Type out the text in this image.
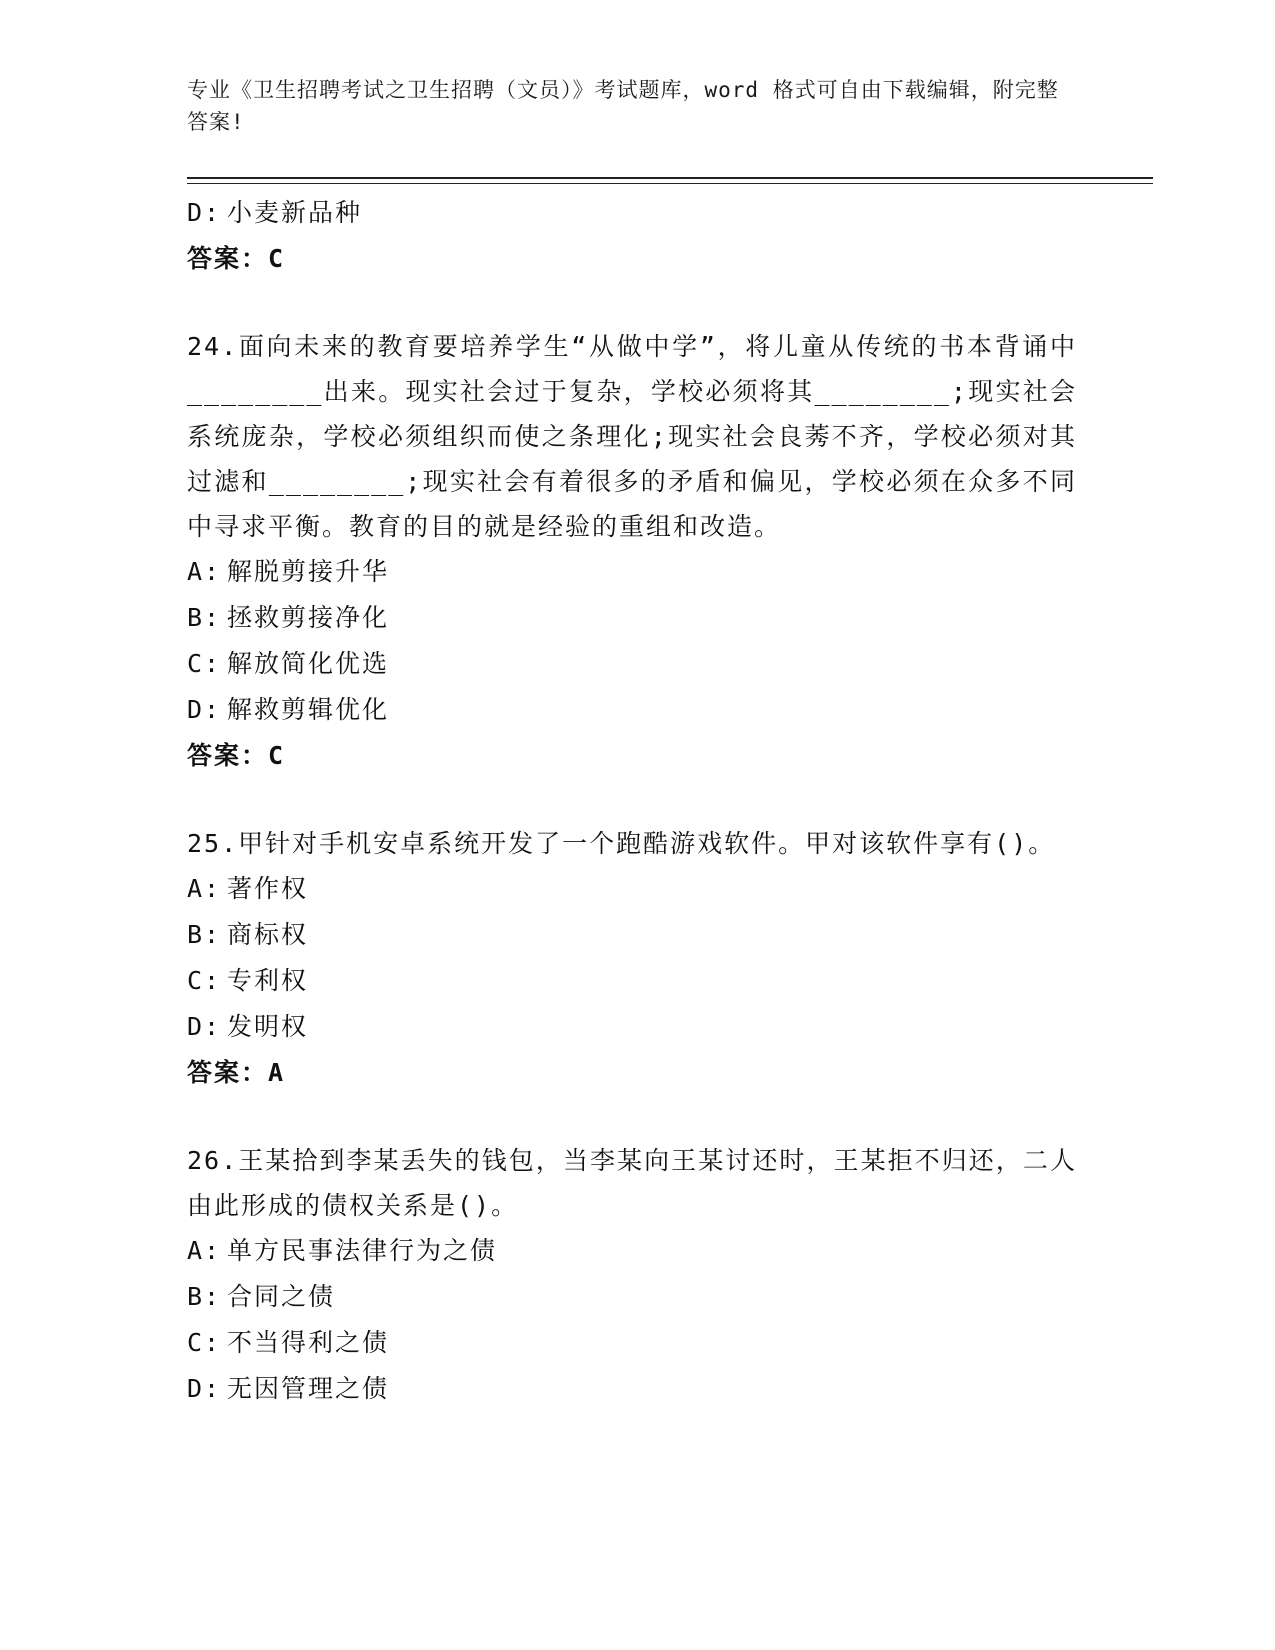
专业《卫生招聘考试之卫生招聘（文员）》考试题库，word 格式可自由下载编辑，附完整答案!
D: 小麦新品种
答案：C
24.面向未来的教育要培养学生“从做中学”，将儿童从传统的书本背诵中________出来。现实社会过于复杂，学校必须将其________;现实社会系统庞杂，学校必须组织而使之条理化;现实社会良莠不齐，学校必须对其过滤和________;现实社会有着很多的矛盾和偏见，学校必须在众多不同中寻求平衡。教育的目的就是经验的重组和改造。
A: 解脱剪接升华
B: 拯救剪接净化
C: 解放简化优选
D: 解救剪辑优化
答案：C
25.甲针对手机安卓系统开发了一个跑酷游戏软件。甲对该软件享有()。
A: 著作权
B: 商标权
C: 专利权
D: 发明权
答案：A
26.王某拾到李某丢失的钱包，当李某向王某讨还时，王某拒不归还，二人由此形成的债权关系是()。
A: 单方民事法律行为之债
B: 合同之债
C: 不当得利之债
D: 无因管理之债
